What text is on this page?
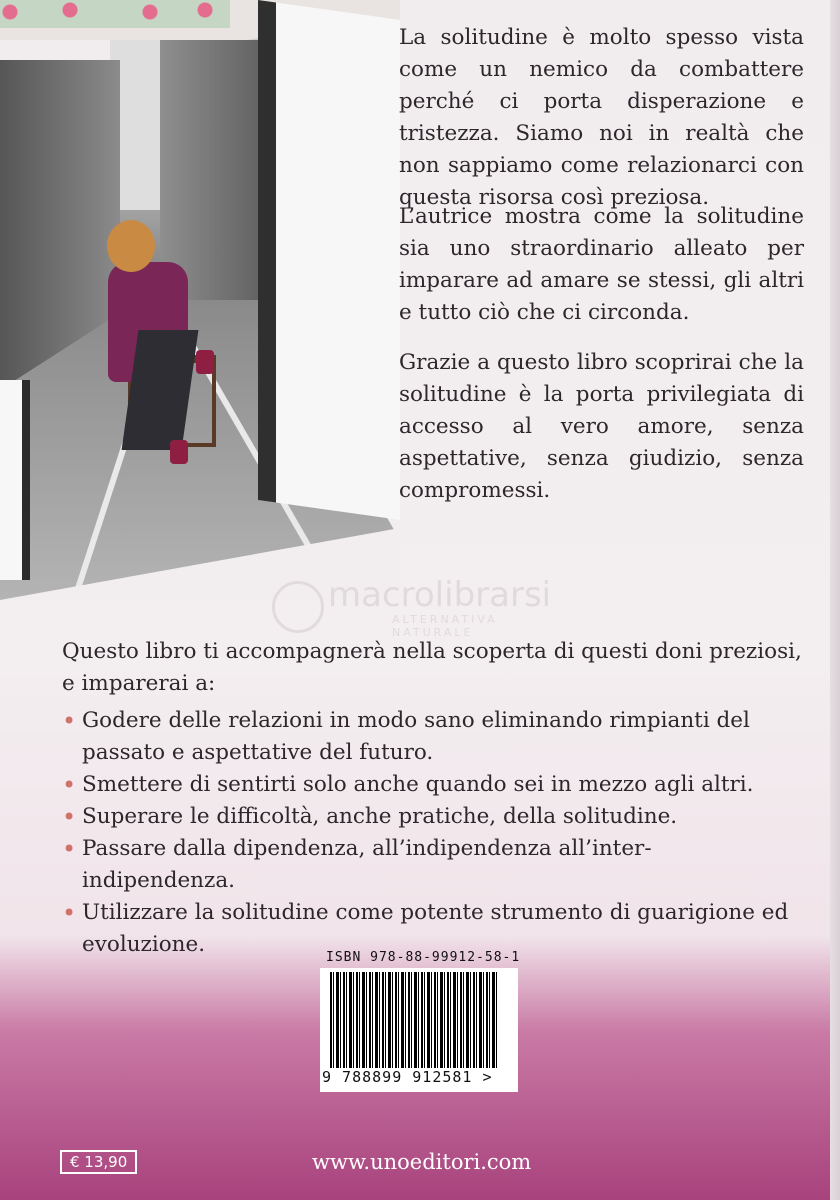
La solitudine è molto spesso vista come un nemico da combattere perché ci porta disperazione e tristezza. Siamo noi in realtà che non sappiamo come relazionarci con questa risorsa così preziosa.

L’autrice mostra come la solitudine sia uno straordinario alleato per imparare ad amare se stessi, gli altri e tutto ciò che ci circonda.

Grazie a questo libro scoprirai che la solitudine è la porta privilegiata di accesso al vero amore, senza aspettative, senza giudizio, senza compromessi.

macrolibrarsi
ALTERNATIVA NATURALE

Questo libro ti accompagnerà nella scoperta di questi doni preziosi, e imparerai a:

• Godere delle relazioni in modo sano eliminando rimpianti del passato e aspettative del futuro.
• Smettere di sentirti solo anche quando sei in mezzo agli altri.
• Superare le difficoltà, anche pratiche, della solitudine.
• Passare dalla dipendenza, all’indipendenza all’inter-indipendenza.
• Utilizzare la solitudine come potente strumento di guarigione ed evoluzione.
ISBN 978-88-99912-58-1
9 788899 912581 >
€ 13,90	www.unoeditori.com
